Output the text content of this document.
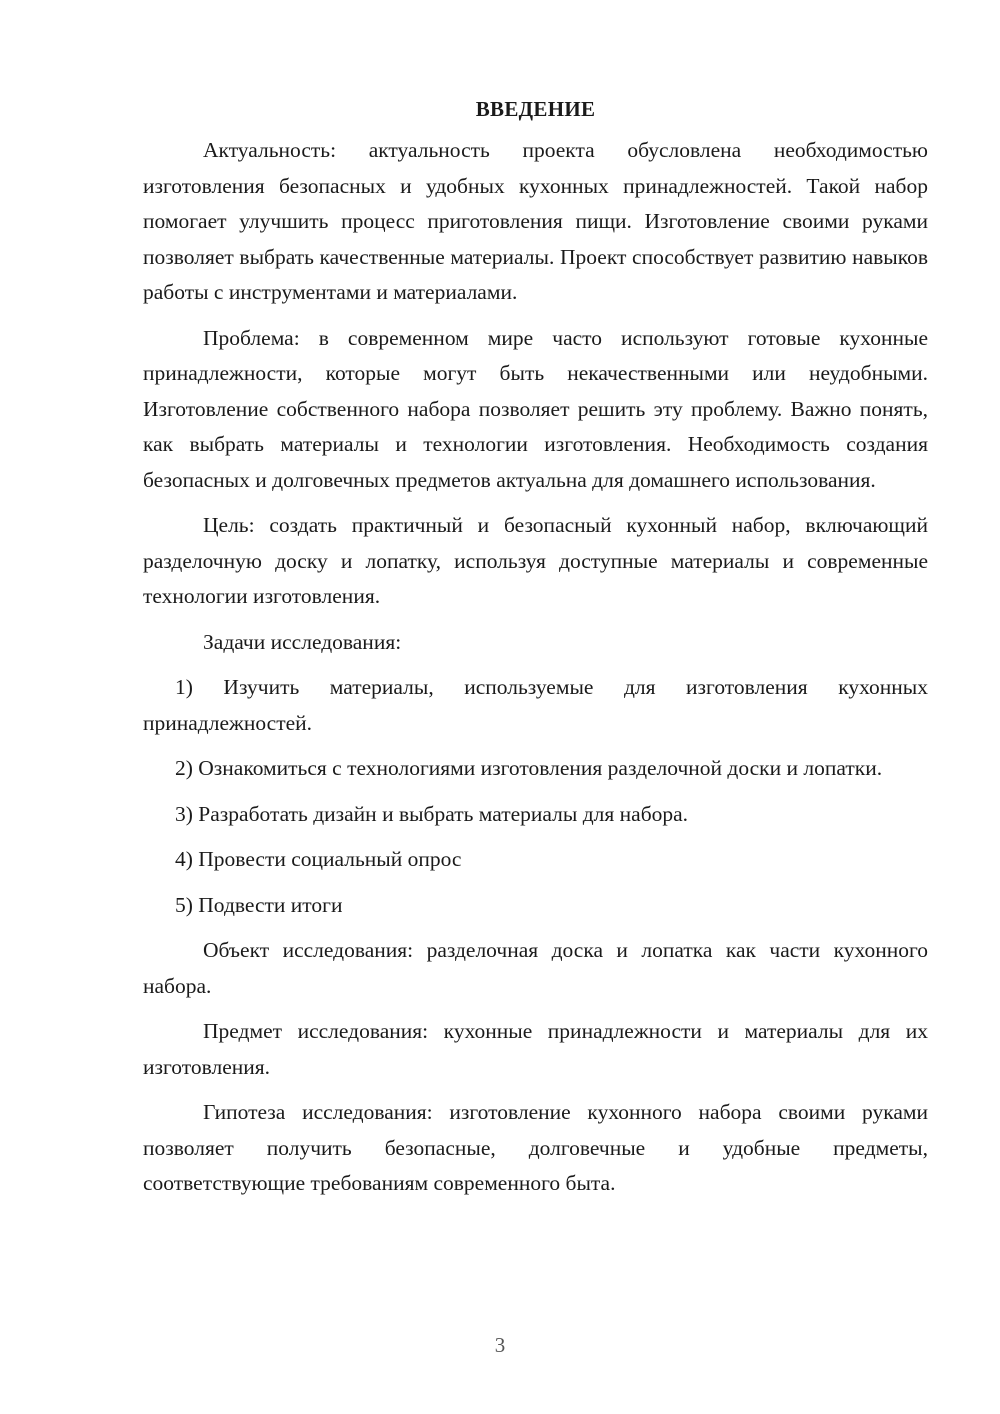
ВВЕДЕНИЕ

Актуальность: актуальность проекта обусловлена необходимостью изготовления безопасных и удобных кухонных принадлежностей. Такой набор помогает улучшить процесс приготовления пищи. Изготовление своими руками позволяет выбрать качественные материалы. Проект способствует развитию навыков работы с инструментами и материалами.

Проблема: в современном мире часто используют готовые кухонные принадлежности, которые могут быть некачественными или неудобными. Изготовление собственного набора позволяет решить эту проблему. Важно понять, как выбрать материалы и технологии изготовления. Необходимость создания безопасных и долговечных предметов актуальна для домашнего использования.

Цель: создать практичный и безопасный кухонный набор, включающий разделочную доску и лопатку, используя доступные материалы и современные технологии изготовления.

Задачи исследования:

1) Изучить материалы, используемые для изготовления кухонных принадлежностей.

2) Ознакомиться с технологиями изготовления разделочной доски и лопатки.

3) Разработать дизайн и выбрать материалы для набора.

4) Провести социальный опрос

5) Подвести итоги

Объект исследования: разделочная доска и лопатка как части кухонного набора.

Предмет исследования: кухонные принадлежности и материалы для их изготовления.

Гипотеза исследования: изготовление кухонного набора своими руками позволяет получить безопасные, долговечные и удобные предметы, соответствующие требованиям современного быта.

3
